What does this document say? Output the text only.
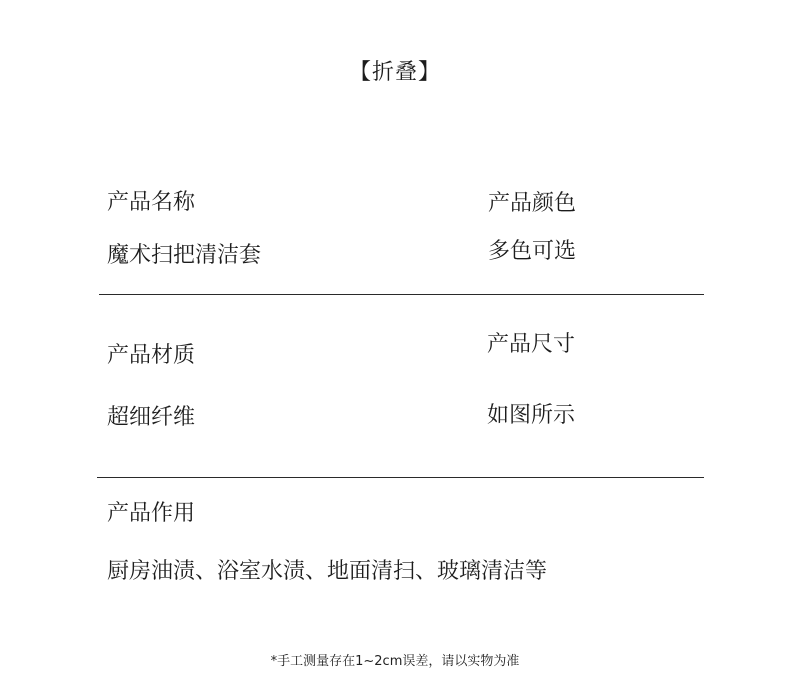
【折叠】
产品名称
魔术扫把清洁套
产品颜色
多色可选
产品材质
超细纤维
产品尺寸
如图所示
产品作用
厨房油渍、浴室水渍、地面清扫、玻璃清洁等
*手工测量存在1~2cm误差，请以实物为准
